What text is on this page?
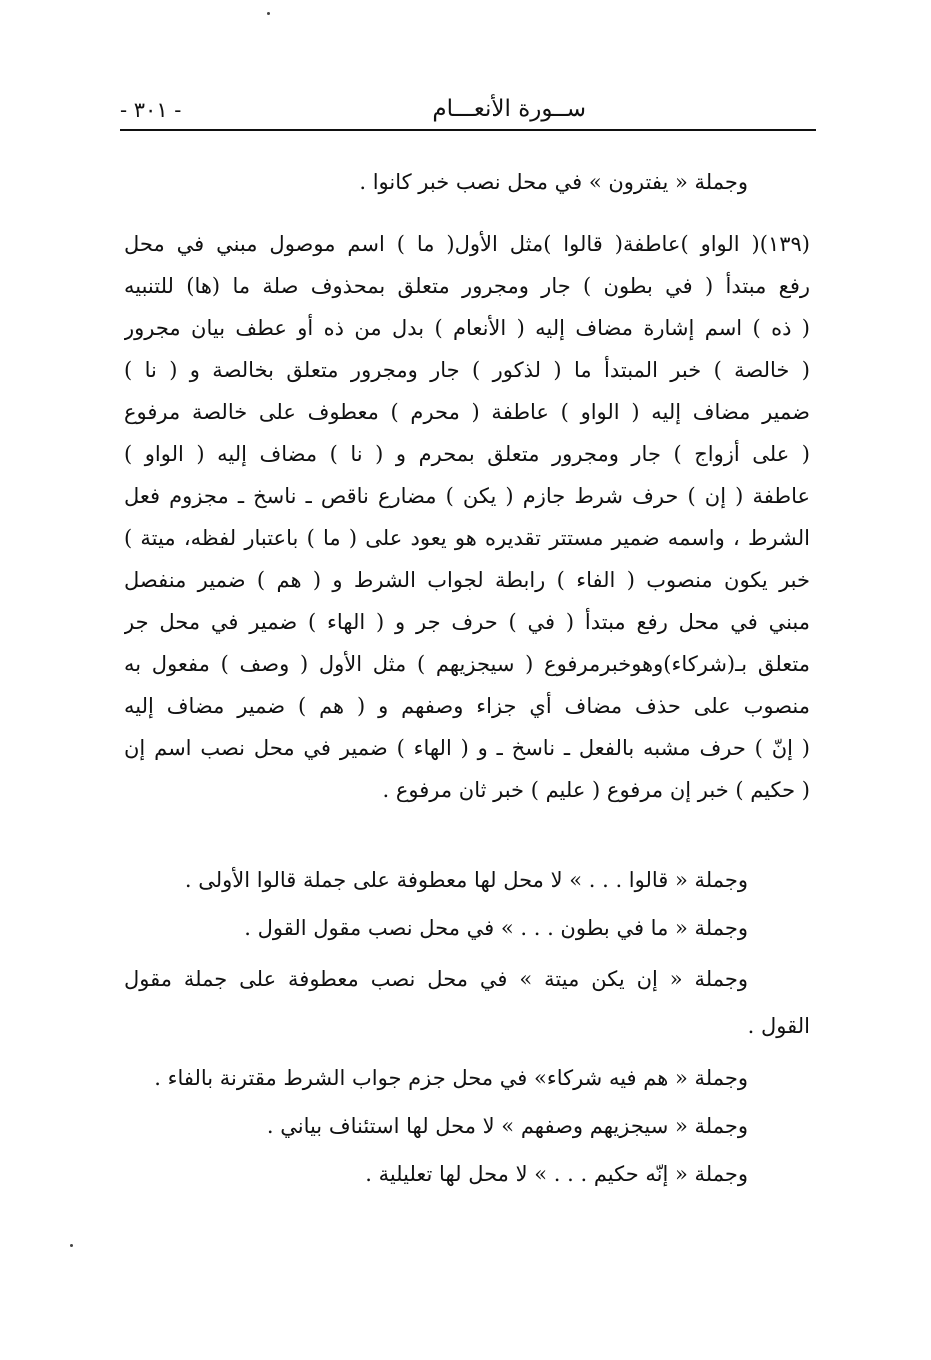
ســورة الأنعـــام
- ٣٠١ -
وجملة « يفترون » في محل نصب خبر كانوا .
(١٣٩)( الواو )عاطفة( قالوا )مثل الأول( ما ) اسم موصول مبني في محل
رفع مبتدأ ( في بطون ) جار ومجرور متعلق بمحذوف صلة ما (ها) للتنبيه
( ذه ) اسم إشارة مضاف إليه ( الأنعام ) بدل من ذه أو عطف بيان مجرور
( خالصة ) خبر المبتدأ ما ( لذكور ) جار ومجرور متعلق بخالصة و ( نا )
ضمير مضاف إليه ( الواو ) عاطفة ( محرم ) معطوف على خالصة مرفوع
( على أزواج ) جار ومجرور متعلق بمحرم و ( نا ) مضاف إليه ( الواو )
عاطفة ( إن ) حرف شرط جازم ( يكن ) مضارع ناقص ـ ناسخ ـ مجزوم فعل
الشرط ، واسمه ضمير مستتر تقديره هو يعود على ( ما ) باعتبار لفظه، ميتة )
خبر يكون منصوب ( الفاء ) رابطة لجواب الشرط و ( هم ) ضمير منفصل
مبني في محل رفع مبتدأ ( في ) حرف جر و ( الهاء ) ضمير في محل جر
متعلق بـ(شركاء)وهوخبرمرفوع ( سيجزيهم ) مثل الأول ( وصف ) مفعول به
منصوب على حذف مضاف أي جزاء وصفهم و ( هم ) ضمير مضاف إليه
( إنّ ) حرف مشبه بالفعل ـ ناسخ ـ و ( الهاء ) ضمير في محل نصب اسم إن
( حكيم ) خبر إن مرفوع ( عليم ) خبر ثان مرفوع .
وجملة « قالوا . . . » لا محل لها معطوفة على جملة قالوا الأولى .
وجملة « ما في بطون . . . » في محل نصب مقول القول .
وجملة « إن يكن ميتة » في محل نصب معطوفة على جملة مقول
القول .
وجملة « هم فيه شركاء» في محل جزم جواب الشرط مقترنة بالفاء .
وجملة « سيجزيهم وصفهم » لا محل لها استئناف بياني .
وجملة « إنّه حكيم . . . » لا محل لها تعليلية .
